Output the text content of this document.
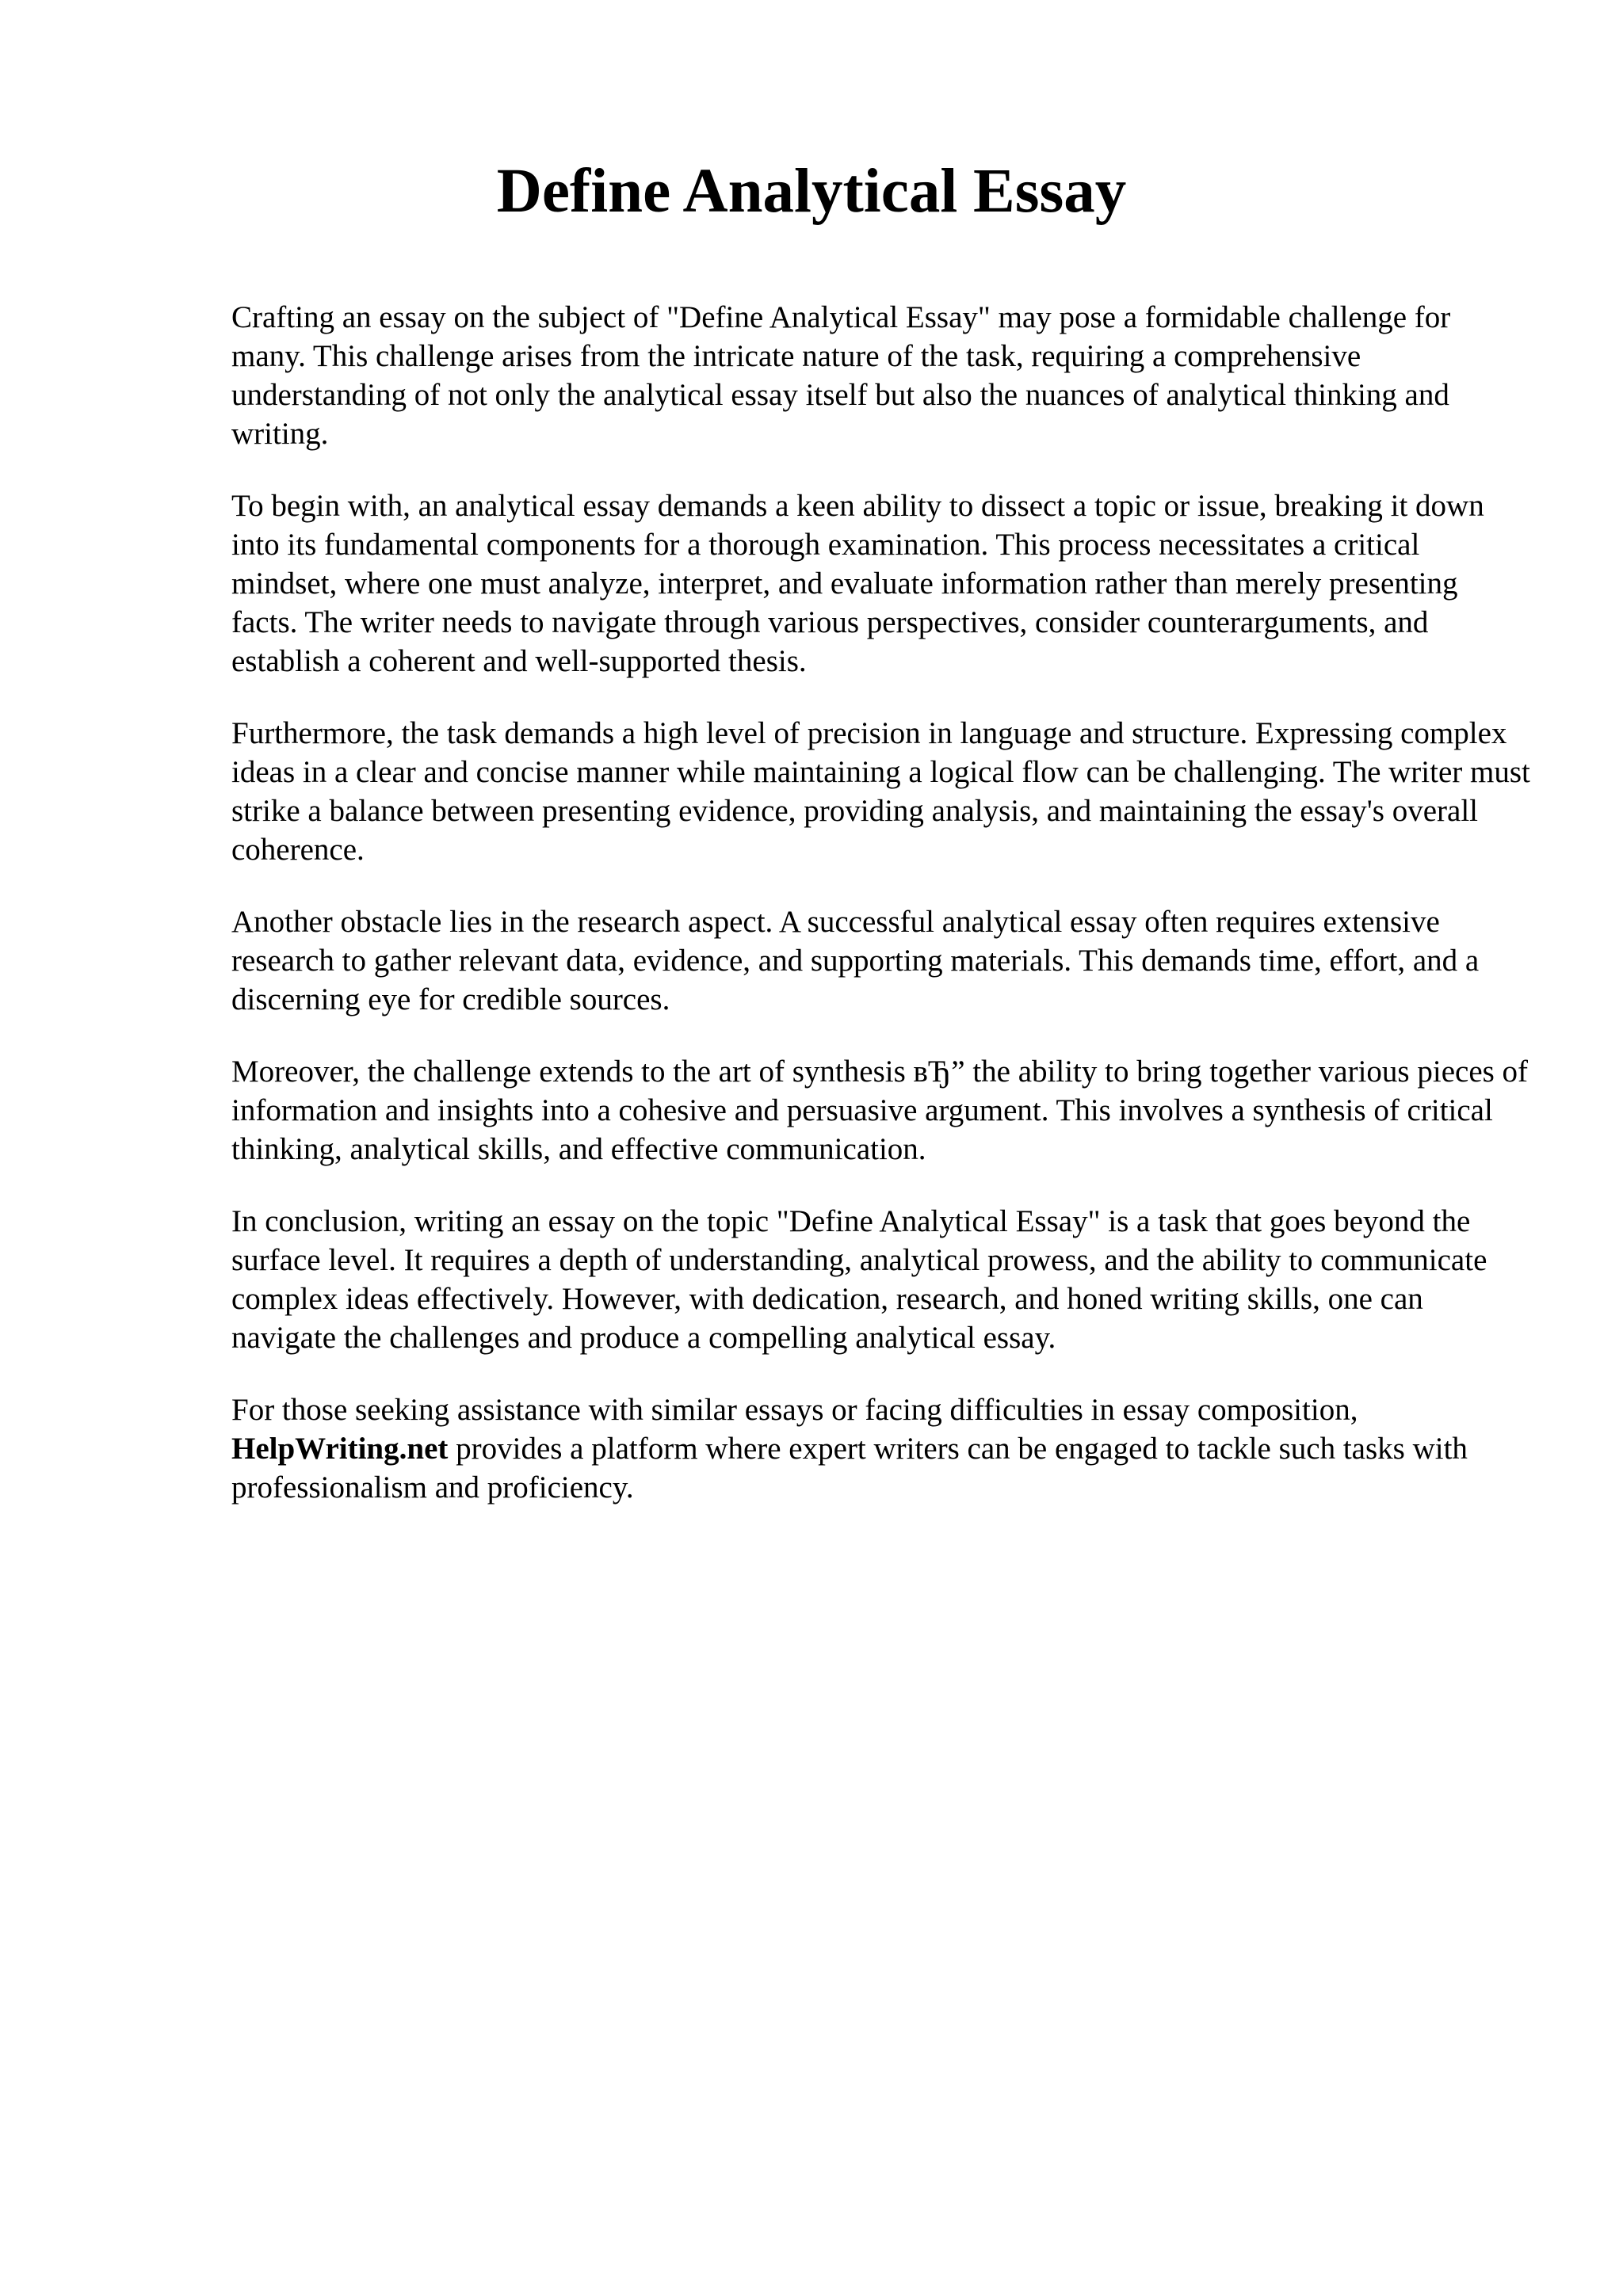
Define Analytical Essay

Crafting an essay on the subject of "Define Analytical Essay" may pose a formidable challenge for many. This challenge arises from the intricate nature of the task, requiring a comprehensive understanding of not only the analytical essay itself but also the nuances of analytical thinking and writing.

To begin with, an analytical essay demands a keen ability to dissect a topic or issue, breaking it down into its fundamental components for a thorough examination. This process necessitates a critical mindset, where one must analyze, interpret, and evaluate information rather than merely presenting facts. The writer needs to navigate through various perspectives, consider counterarguments, and establish a coherent and well-supported thesis.

Furthermore, the task demands a high level of precision in language and structure. Expressing complex ideas in a clear and concise manner while maintaining a logical flow can be challenging. The writer must strike a balance between presenting evidence, providing analysis, and maintaining the essay's overall coherence.

Another obstacle lies in the research aspect. A successful analytical essay often requires extensive research to gather relevant data, evidence, and supporting materials. This demands time, effort, and a discerning eye for credible sources.

Moreover, the challenge extends to the art of synthesis вЂ” the ability to bring together various pieces of information and insights into a cohesive and persuasive argument. This involves a synthesis of critical thinking, analytical skills, and effective communication.

In conclusion, writing an essay on the topic "Define Analytical Essay" is a task that goes beyond the surface level. It requires a depth of understanding, analytical prowess, and the ability to communicate complex ideas effectively. However, with dedication, research, and honed writing skills, one can navigate the challenges and produce a compelling analytical essay.

For those seeking assistance with similar essays or facing difficulties in essay composition,
HelpWriting.net provides a platform where expert writers can be engaged to tackle such tasks with professionalism and proficiency.
